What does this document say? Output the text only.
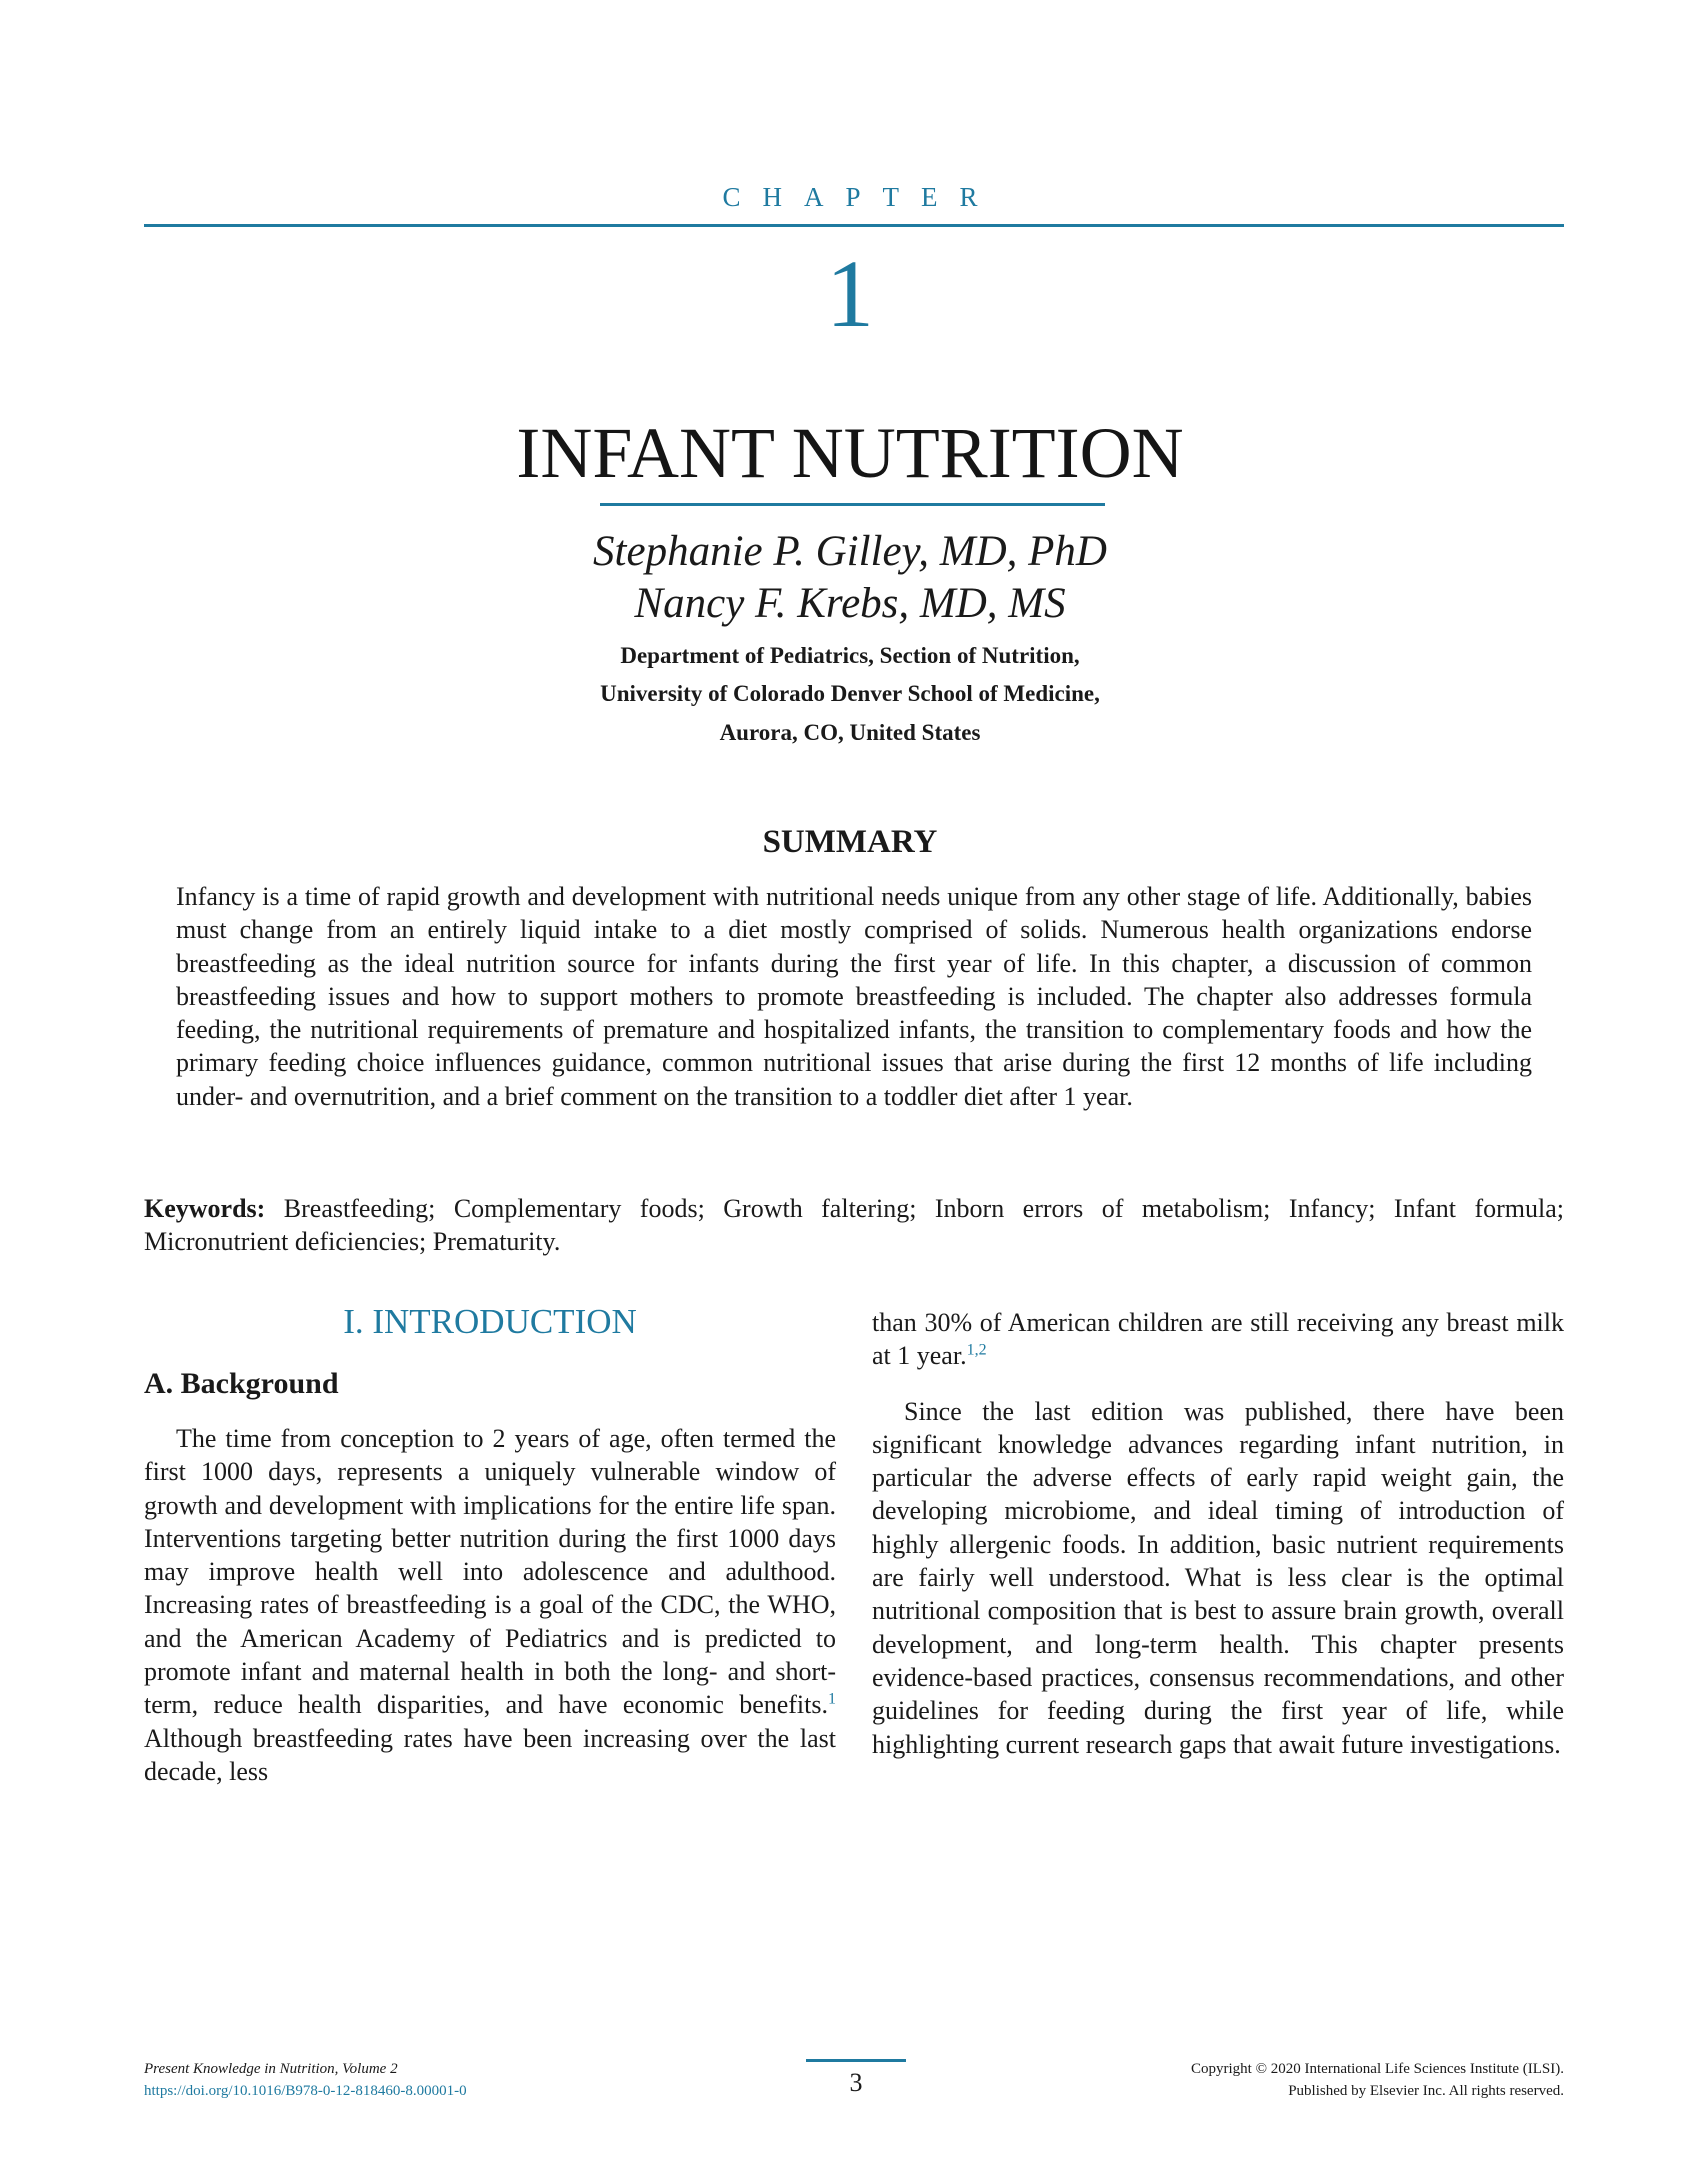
CHAPTER
1
INFANT NUTRITION
Stephanie P. Gilley, MD, PhD
Nancy F. Krebs, MD, MS
Department of Pediatrics, Section of Nutrition,
University of Colorado Denver School of Medicine,
Aurora, CO, United States
SUMMARY
Infancy is a time of rapid growth and development with nutritional needs unique from any other stage of life. Additionally, babies must change from an entirely liquid intake to a diet mostly comprised of solids. Numerous health organizations endorse breastfeeding as the ideal nutrition source for infants during the first year of life. In this chapter, a discussion of common breastfeeding issues and how to support mothers to promote breastfeeding is included. The chapter also addresses formula feeding, the nutritional requirements of premature and hospitalized infants, the transition to complementary foods and how the primary feeding choice influences guidance, common nutritional issues that arise during the first 12 months of life including under- and overnutrition, and a brief comment on the transition to a toddler diet after 1 year.
Keywords: Breastfeeding; Complementary foods; Growth faltering; Inborn errors of metabolism; Infancy; Infant formula; Micronutrient deficiencies; Prematurity.
I. INTRODUCTION
A. Background

The time from conception to 2 years of age, often termed the first 1000 days, represents a uniquely vulnerable window of growth and development with implications for the entire life span. Interventions targeting better nutrition during the first 1000 days may improve health well into adolescence and adulthood. Increasing rates of breastfeeding is a goal of the CDC, the WHO, and the American Academy of Pediatrics and is predicted to promote infant and maternal health in both the long- and short-term, reduce health disparities, and have economic benefits.$^1$ Although breastfeeding rates have been increasing over the last decade, less

than 30% of American children are still receiving any breast milk at 1 year.$^{1,2}$

Since the last edition was published, there have been significant knowledge advances regarding infant nutrition, in particular the adverse effects of early rapid weight gain, the developing microbiome, and ideal timing of introduction of highly allergenic foods. In addition, basic nutrient requirements are fairly well understood. What is less clear is the optimal nutritional composition that is best to assure brain growth, overall development, and long-term health. This chapter presents evidence-based practices, consensus recommendations, and other guidelines for feeding during the first year of life, while highlighting current research gaps that await future investigations.

Present Knowledge in Nutrition, Volume 2
https://doi.org/10.1016/B978-0-12-818460-8.00001-0	3	Copyright © 2020 International Life Sciences Institute (ILSI).
Published by Elsevier Inc. All rights reserved.
